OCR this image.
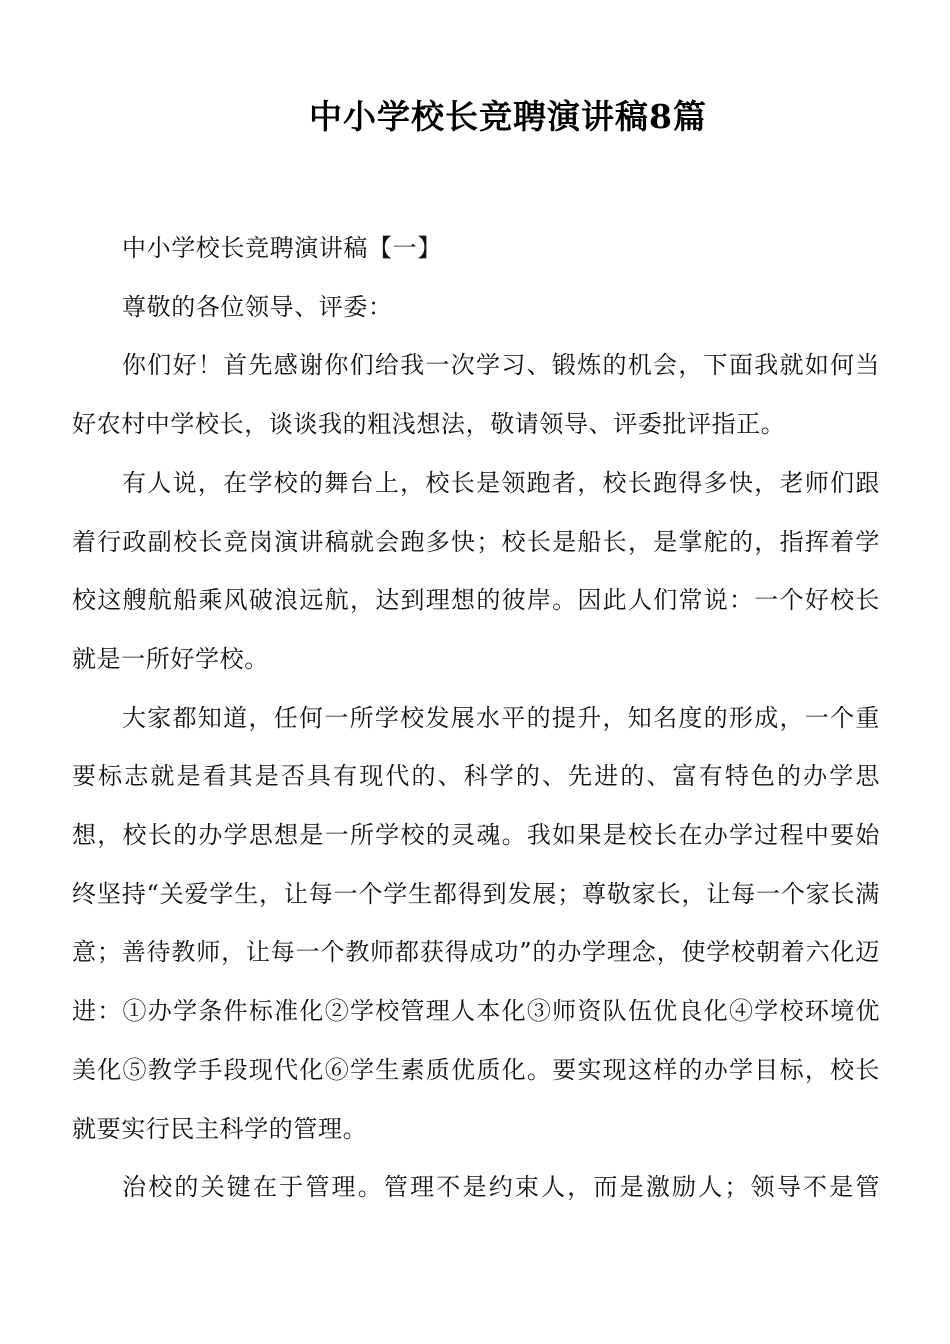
中小学校长竞聘演讲稿8篇

中小学校长竞聘演讲稿【一】

尊敬的各位领导、评委：

你们好！首先感谢你们给我一次学习、锻炼的机会，下面我就如何当好农村中学校长，谈谈我的粗浅想法，敬请领导、评委批评指正。

有人说，在学校的舞台上，校长是领跑者，校长跑得多快，老师们跟着行政副校长竞岗演讲稿就会跑多快；校长是船长，是掌舵的，指挥着学校这艘航船乘风破浪远航，达到理想的彼岸。因此人们常说：一个好校长就是一所好学校。

大家都知道，任何一所学校发展水平的提升，知名度的形成，一个重要标志就是看其是否具有现代的、科学的、先进的、富有特色的办学思想，校长的办学思想是一所学校的灵魂。我如果是校长在办学过程中要始终坚持“关爱学生，让每一个学生都得到发展；尊敬家长，让每一个家长满意；善待教师，让每一个教师都获得成功”的办学理念，使学校朝着六化迈进：①办学条件标准化②学校管理人本化③师资队伍优良化④学校环境优美化⑤教学手段现代化⑥学生素质优质化。要实现这样的办学目标，校长就要实行民主科学的管理。

治校的关键在于管理。管理不是约束人，而是激励人；领导不是管
